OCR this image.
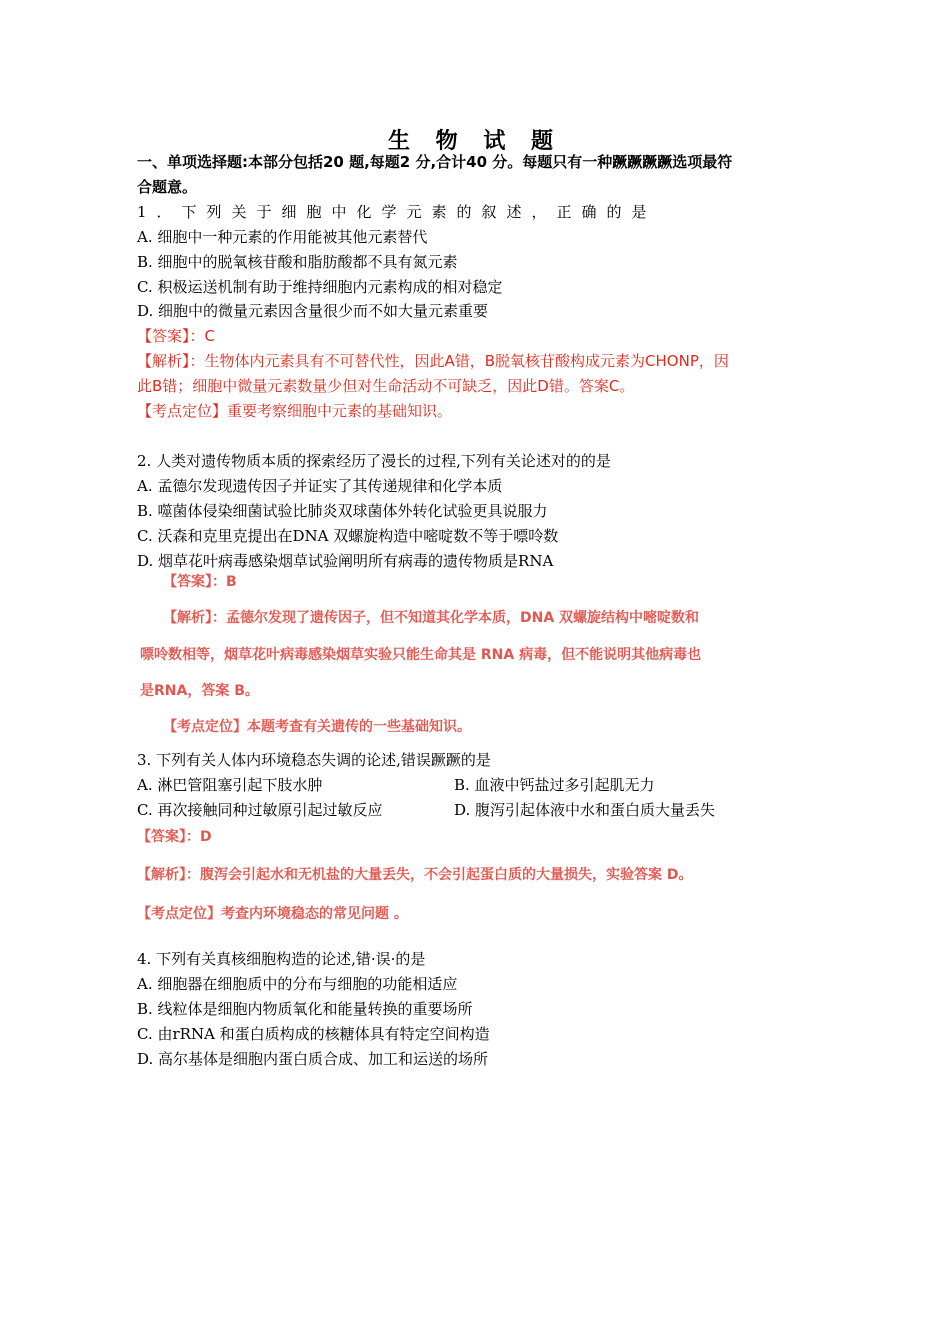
生 物 试 题
一、单项选择题:本部分包括20 题,每题2 分,合计40 分。每题只有一种蹶蹶蹶蹶选项最符
合题意。
1．下列关于细胞中化学元素的叙述，正确的是
A. 细胞中一种元素的作用能被其他元素替代
B. 细胞中的脱氧核苷酸和脂肪酸都不具有氮元素
C. 积极运送机制有助于维持细胞内元素构成的相对稳定
D. 细胞中的微量元素因含量很少而不如大量元素重要
【答案】：C
【解析】：生物体内元素具有不可替代性，因此A错，B脱氧核苷酸构成元素为CHONP，因
此B错；细胞中微量元素数量少但对生命活动不可缺乏，因此D错。答案C。
【考点定位】重要考察细胞中元素的基础知识。
2. 人类对遗传物质本质的探索经历了漫长的过程,下列有关论述对的的是
A. 孟德尔发现遗传因子并证实了其传递规律和化学本质
B. 噬菌体侵染细菌试验比肺炎双球菌体外转化试验更具说服力
C. 沃森和克里克提出在DNA 双螺旋构造中嘧啶数不等于嘌呤数
D. 烟草花叶病毒感染烟草试验阐明所有病毒的遗传物质是RNA
【答案】：B
【解析】：孟德尔发现了遗传因子，但不知道其化学本质，DNA 双螺旋结构中嘧啶数和
嘌呤数相等，烟草花叶病毒感染烟草实验只能生命其是 RNA 病毒，但不能说明其他病毒也
是RNA，答案 B。
【考点定位】本题考查有关遗传的一些基础知识。
3. 下列有关人体内环境稳态失调的论述,错误蹶蹶的是
A. 淋巴管阻塞引起下肢水肿	B. 血液中钙盐过多引起肌无力
C. 再次接触同种过敏原引起过敏反应	D. 腹泻引起体液中水和蛋白质大量丢失
【答案】：D
【解析】：腹泻会引起水和无机盐的大量丢失，不会引起蛋白质的大量损失，实验答案 D。
【考点定位】考查内环境稳态的常见问题 。
4. 下列有关真核细胞构造的论述,错·误·的是
A. 细胞器在细胞质中的分布与细胞的功能相适应
B. 线粒体是细胞内物质氧化和能量转换的重要场所
C. 由rRNA 和蛋白质构成的核糖体具有特定空间构造
D. 高尔基体是细胞内蛋白质合成、加工和运送的场所
